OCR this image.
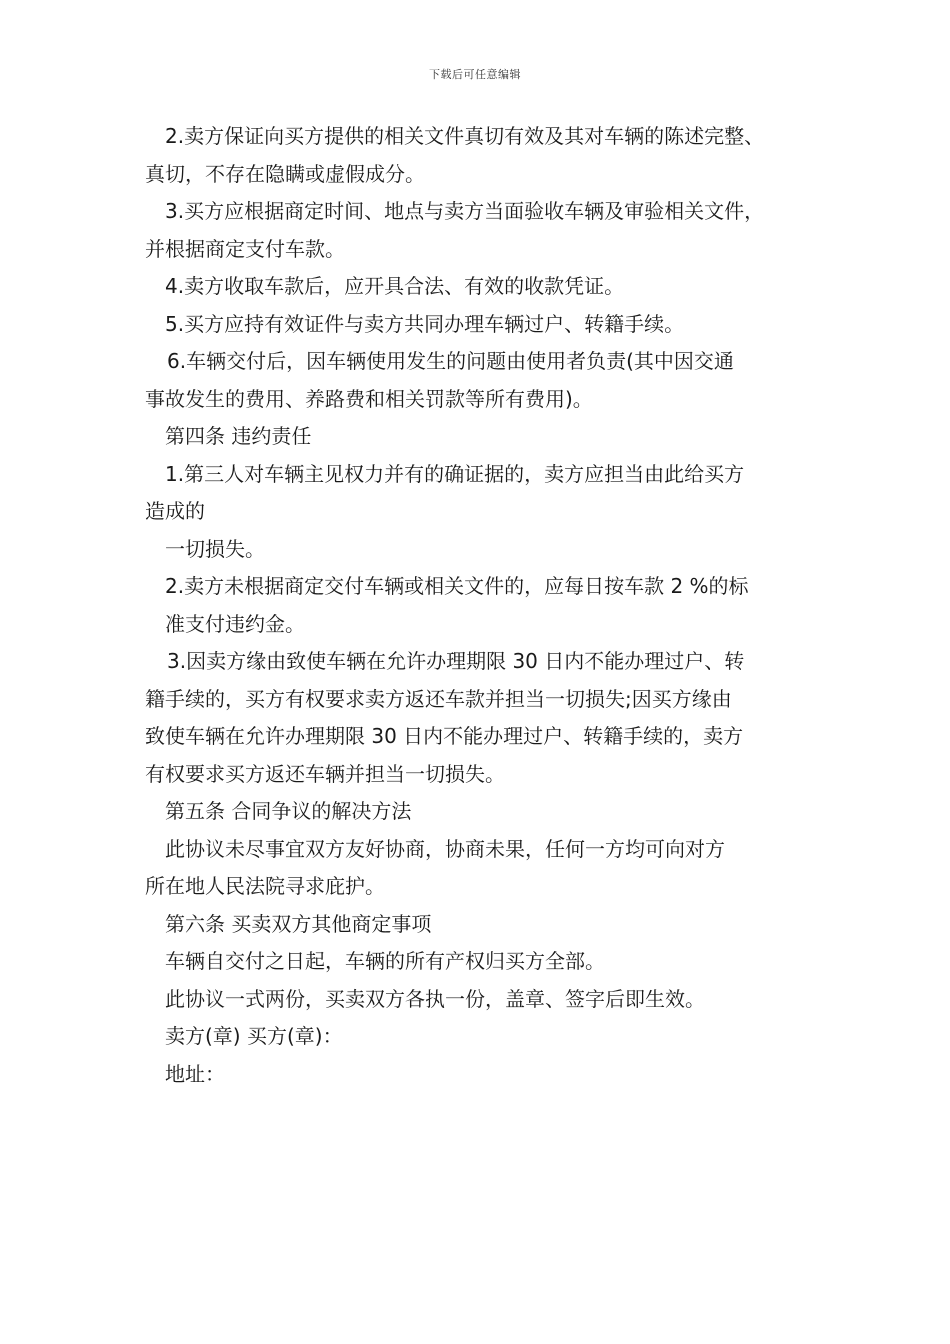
下载后可任意编辑

2.卖方保证向买方提供的相关文件真切有效及其对车辆的陈述完整、

真切，不存在隐瞒或虚假成分。

3.买方应根据商定时间、地点与卖方当面验收车辆及审验相关文件，

并根据商定支付车款。

4.卖方收取车款后，应开具合法、有效的收款凭证。

5.买方应持有效证件与卖方共同办理车辆过户、转籍手续。

6.车辆交付后，因车辆使用发生的问题由使用者负责(其中因交通

事故发生的费用、养路费和相关罚款等所有费用)。

第四条 违约责任

1.第三人对车辆主见权力并有的确证据的，卖方应担当由此给买方

造成的

一切损失。

2.卖方未根据商定交付车辆或相关文件的，应每日按车款 2 %的标

准支付违约金。

3.因卖方缘由致使车辆在允许办理期限 30 日内不能办理过户、转

籍手续的，买方有权要求卖方返还车款并担当一切损失;因买方缘由

致使车辆在允许办理期限 30 日内不能办理过户、转籍手续的，卖方

有权要求买方返还车辆并担当一切损失。

第五条 合同争议的解决方法

此协议未尽事宜双方友好协商，协商未果，任何一方均可向对方

所在地人民法院寻求庇护。

第六条 买卖双方其他商定事项

车辆自交付之日起，车辆的所有产权归买方全部。

此协议一式两份，买卖双方各执一份，盖章、签字后即生效。

卖方(章) 买方(章)：

地址：
